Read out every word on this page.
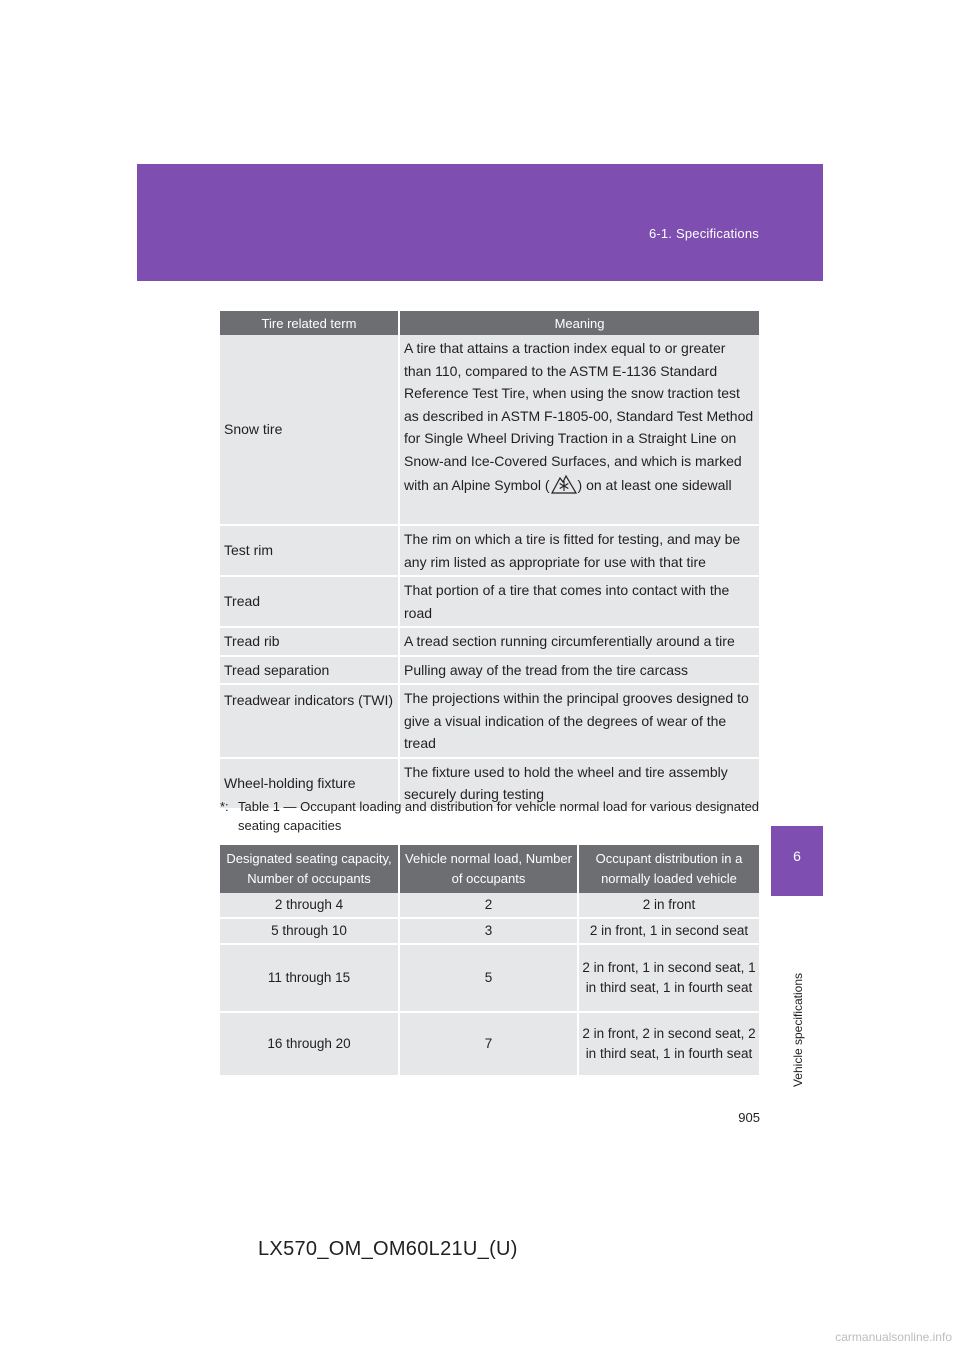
6-1. Specifications
6
Vehicle specifications
Tire related term	Meaning
Snow tire	A tire that attains a traction index equal to or greater than 110, compared to the ASTM E-1136 Standard Reference Test Tire, when using the snow traction test as described in ASTM F-1805-00, Standard Test Method for Single Wheel Driving Traction in a Straight Line on Snow-and Ice-Covered Surfaces, and which is marked with an Alpine Symbol ( ) on at least one sidewall
Test rim	The rim on which a tire is fitted for testing, and may be any rim listed as appropriate for use with that tire
Tread	That portion of a tire that comes into contact with the road
Tread rib	A tread section running circumferentially around a tire
Tread separation	Pulling away of the tread from the tire carcass
Treadwear indicators (TWI)	The projections within the principal grooves designed to give a visual indication of the degrees of wear of the tread
Wheel-holding fixture	The fixture used to hold the wheel and tire assembly securely during testing
*: Table 1 — Occupant loading and distribution for vehicle normal load for various designated seating capacities
Designated seating capacity, Number of occupants	Vehicle normal load, Number of occupants	Occupant distribution in a normally loaded vehicle
2 through 4	2	2 in front
5 through 10	3	2 in front, 1 in second seat
11 through 15	5	2 in front, 1 in second seat, 1 in third seat, 1 in fourth seat
16 through 20	7	2 in front, 2 in second seat, 2 in third seat, 1 in fourth seat
905
LX570_OM_OM60L21U_(U)
carmanualsonline.info
